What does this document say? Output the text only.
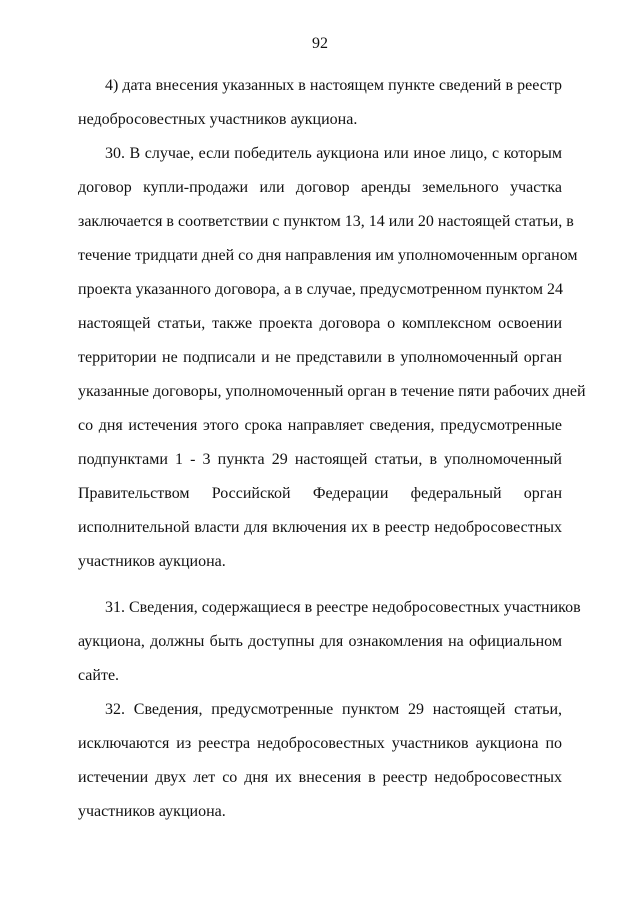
92
4) дата внесения указанных в настоящем пункте сведений в реестр
недобросовестных участников аукциона.
30. В случае, если победитель аукциона или иное лицо, с которым
договор купли-продажи или договор аренды земельного участка
заключается в соответствии с пунктом 13, 14 или 20 настоящей статьи, в
течение тридцати дней со дня направления им уполномоченным органом
проекта указанного договора, а в случае, предусмотренном пунктом 24
настоящей статьи, также проекта договора о комплексном освоении
территории не подписали и не представили в уполномоченный орган
указанные договоры, уполномоченный орган в течение пяти рабочих дней
со дня истечения этого срока направляет сведения, предусмотренные
подпунктами 1 - 3 пункта 29 настоящей статьи, в уполномоченный
Правительством Российской Федерации федеральный орган
исполнительной власти для включения их в реестр недобросовестных
участников аукциона.
31. Сведения, содержащиеся в реестре недобросовестных участников
аукциона, должны быть доступны для ознакомления на официальном
сайте.
32. Сведения, предусмотренные пунктом 29 настоящей статьи,
исключаются из реестра недобросовестных участников аукциона по
истечении двух лет со дня их внесения в реестр недобросовестных
участников аукциона.
